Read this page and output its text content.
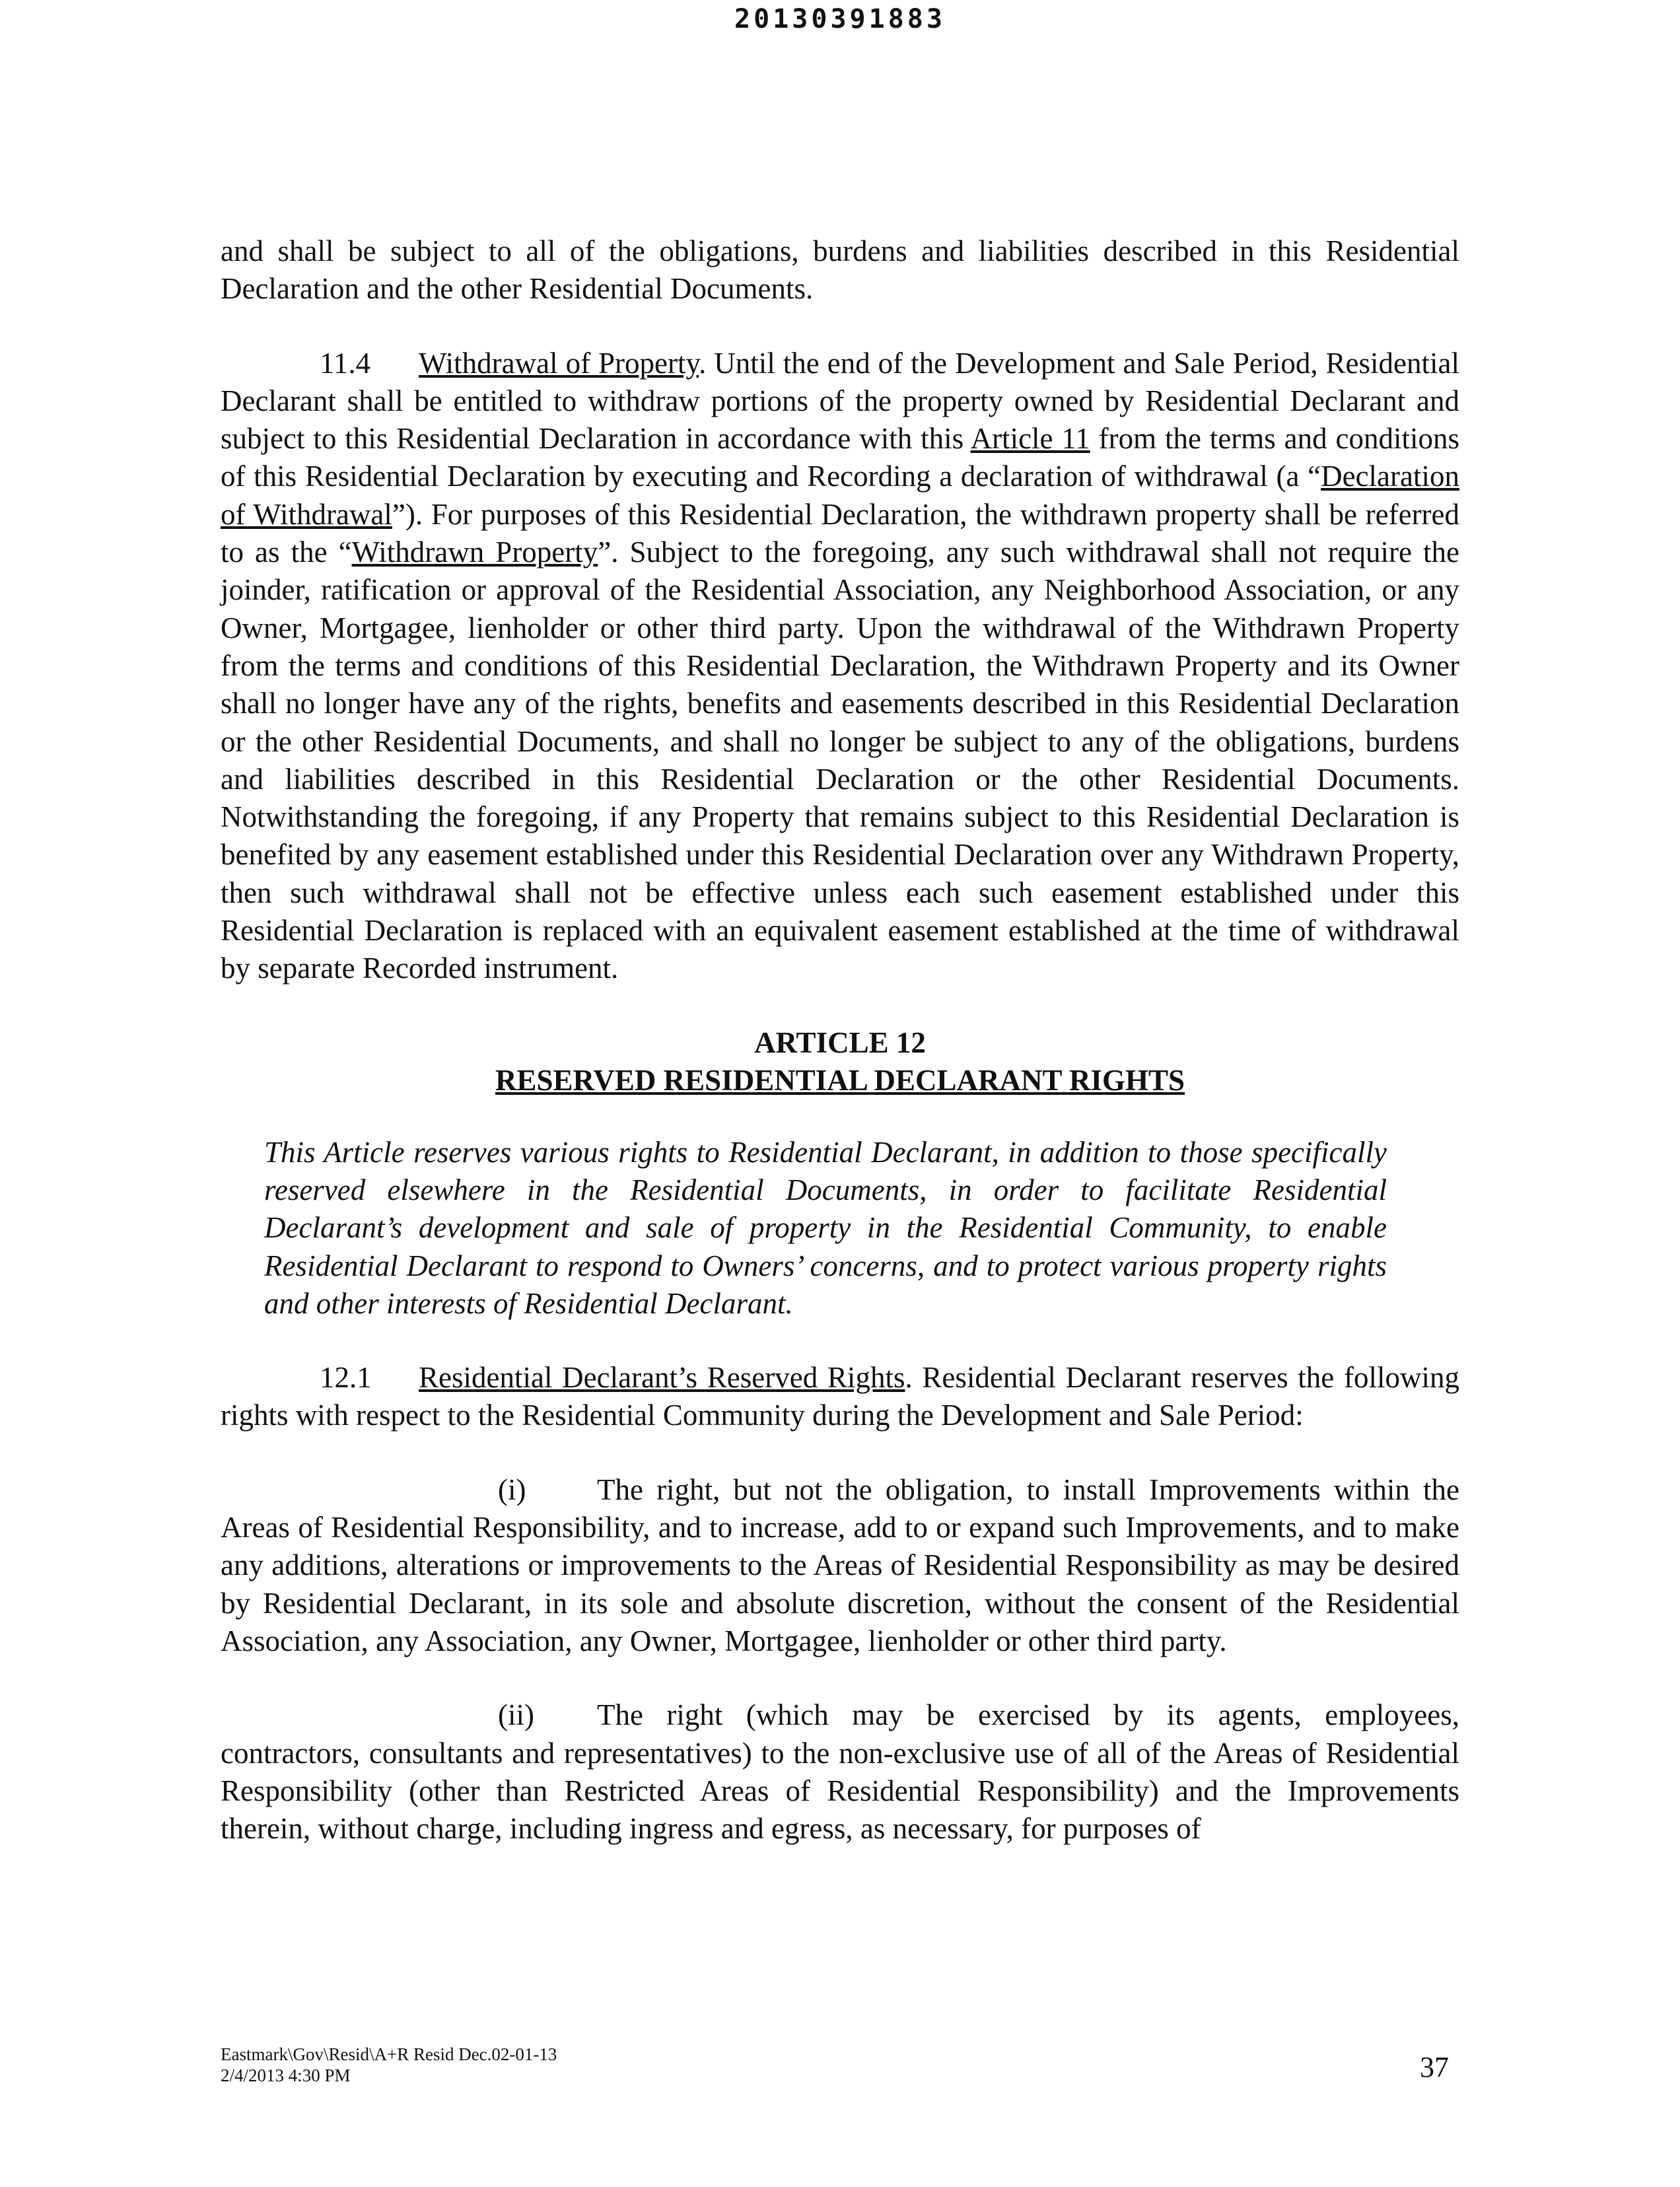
20130391883

and shall be subject to all of the obligations, burdens and liabilities described in this Residential Declaration and the other Residential Documents.

11.4 Withdrawal of Property. Until the end of the Development and Sale Period, Residential Declarant shall be entitled to withdraw portions of the property owned by Residential Declarant and subject to this Residential Declaration in accordance with this Article 11 from the terms and conditions of this Residential Declaration by executing and Recording a declaration of withdrawal (a “Declaration of Withdrawal”). For purposes of this Residential Declaration, the withdrawn property shall be referred to as the “Withdrawn Property”. Subject to the foregoing, any such withdrawal shall not require the joinder, ratification or approval of the Residential Association, any Neighborhood Association, or any Owner, Mortgagee, lienholder or other third party. Upon the withdrawal of the Withdrawn Property from the terms and conditions of this Residential Declaration, the Withdrawn Property and its Owner shall no longer have any of the rights, benefits and easements described in this Residential Declaration or the other Residential Documents, and shall no longer be subject to any of the obligations, burdens and liabilities described in this Residential Declaration or the other Residential Documents. Notwithstanding the foregoing, if any Property that remains subject to this Residential Declaration is benefited by any easement established under this Residential Declaration over any Withdrawn Property, then such withdrawal shall not be effective unless each such easement established under this Residential Declaration is replaced with an equivalent easement established at the time of withdrawal by separate Recorded instrument.

ARTICLE 12
RESERVED RESIDENTIAL DECLARANT RIGHTS

This Article reserves various rights to Residential Declarant, in addition to those specifically reserved elsewhere in the Residential Documents, in order to facilitate Residential Declarant’s development and sale of property in the Residential Community, to enable Residential Declarant to respond to Owners’ concerns, and to protect various property rights and other interests of Residential Declarant.

12.1 Residential Declarant’s Reserved Rights. Residential Declarant reserves the following rights with respect to the Residential Community during the Development and Sale Period:

(i) The right, but not the obligation, to install Improvements within the Areas of Residential Responsibility, and to increase, add to or expand such Improvements, and to make any additions, alterations or improvements to the Areas of Residential Responsibility as may be desired by Residential Declarant, in its sole and absolute discretion, without the consent of the Residential Association, any Association, any Owner, Mortgagee, lienholder or other third party.

(ii) The right (which may be exercised by its agents, employees, contractors, consultants and representatives) to the non-exclusive use of all of the Areas of Residential Responsibility (other than Restricted Areas of Residential Responsibility) and the Improvements therein, without charge, including ingress and egress, as necessary, for purposes of

Eastmark\Gov\Resid\A+R Resid Dec.02-01-13
2/4/2013 4:30 PM	37
